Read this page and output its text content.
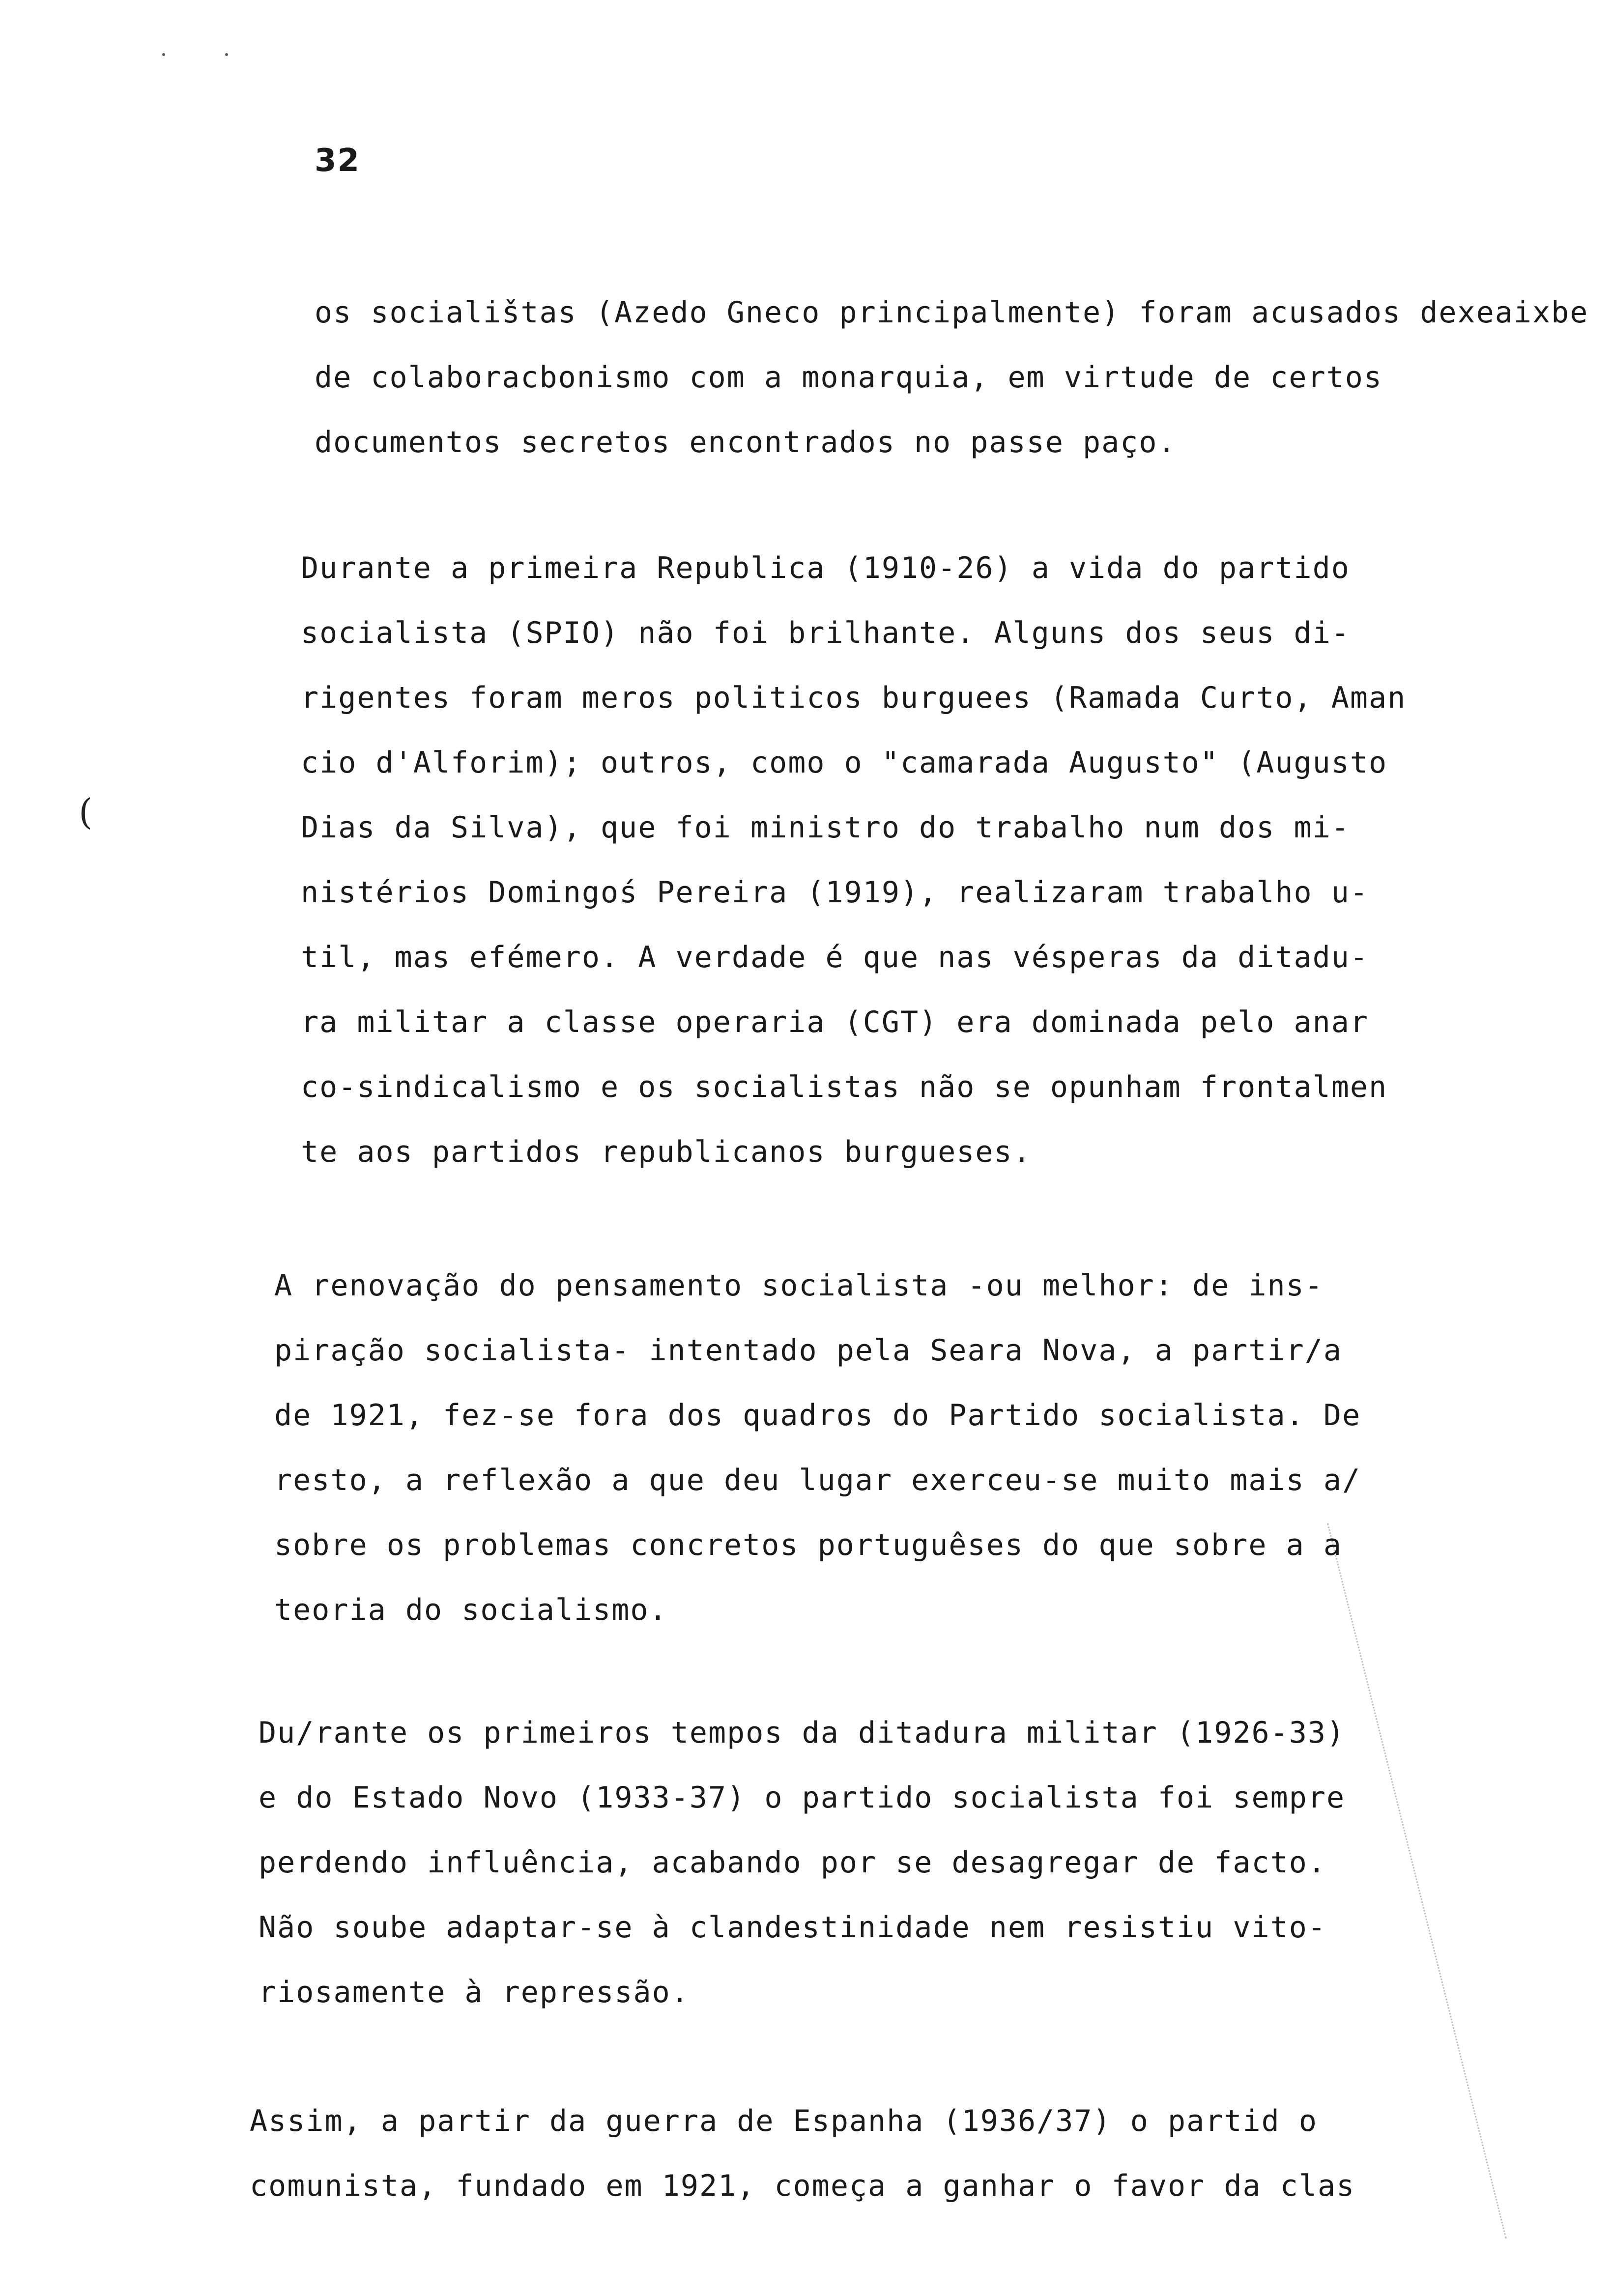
32
(
os socialištas (Azedo Gneco principalmente) foram acusados dexeaixbe
de colaboracbonismo com a monarquia, em virtude de certos
documentos secretos encontrados no passe paço.
Durante a primeira Republica (1910-26) a vida do partido
socialista (SPIO) não foi brilhante. Alguns dos seus di-
rigentes foram meros politicos burguees (Ramada Curto, Aman
cio d'Alforim); outros, como o "camarada Augusto" (Augusto
Dias da Silva), que foi ministro do trabalho num dos mi-
nistérios Domingoś Pereira (1919), realizaram trabalho u-
til, mas efémero. A verdade é que nas vésperas da ditadu-
ra militar a classe operaria (CGT) era dominada pelo anar
co-sindicalismo e os socialistas não se opunham frontalmen
te aos partidos republicanos burgueses.
A renovação do pensamento socialista -ou melhor: de ins-
piração socialista- intentado pela Seara Nova, a partir/a
de 1921, fez-se fora dos quadros do Partido socialista. De
resto, a reflexão a que deu lugar exerceu-se muito mais a/
sobre os problemas concretos portuguêses do que sobre a a
teoria do socialismo.
Du/rante os primeiros tempos da ditadura militar (1926-33)
e do Estado Novo (1933-37) o partido socialista foi sempre
perdendo influência, acabando por se desagregar de facto.
Não soube adaptar-se à clandestinidade nem resistiu vito-
riosamente à repressão.
Assim, a partir da guerra de Espanha (1936/37) o partid o
comunista, fundado em 1921, começa a ganhar o favor da clas
